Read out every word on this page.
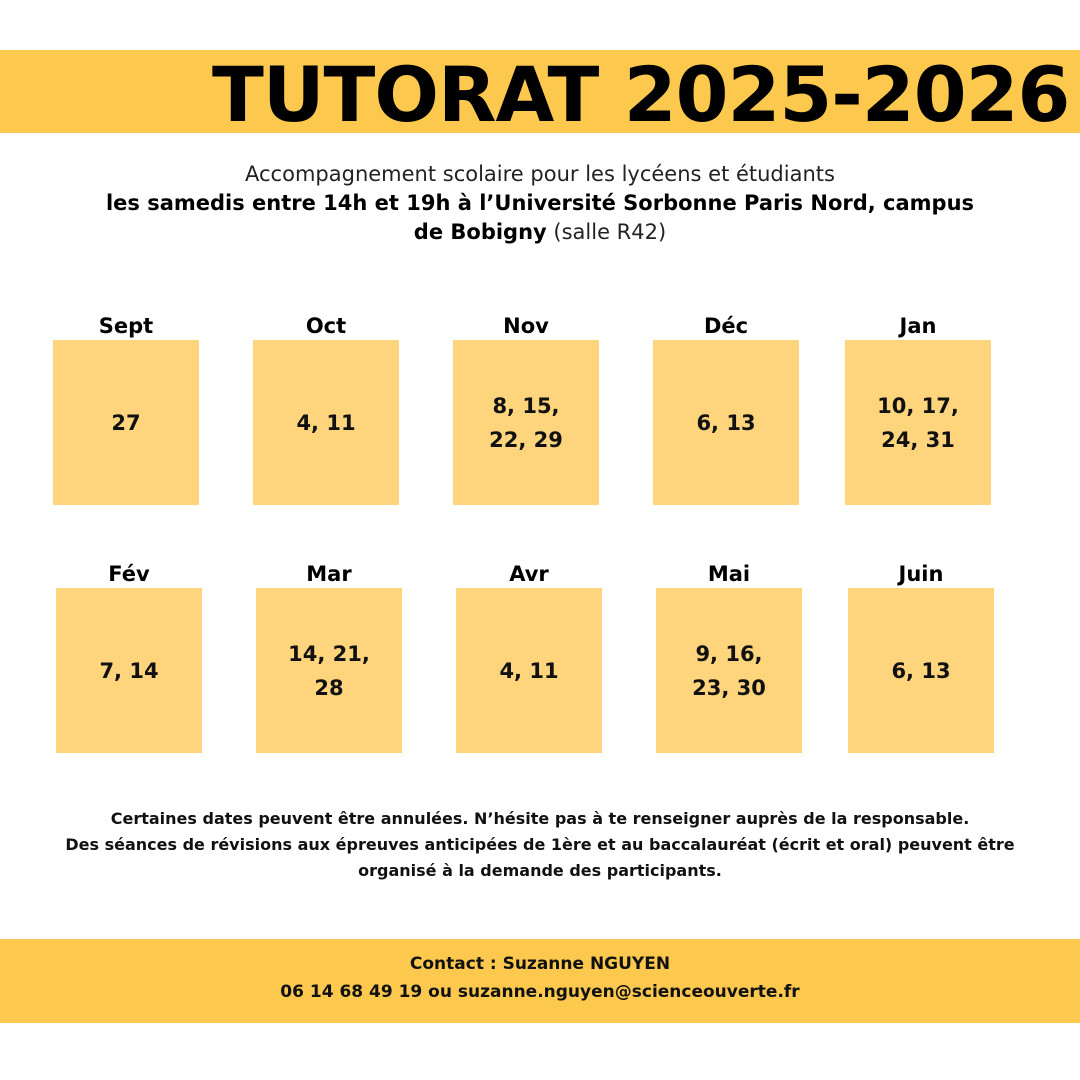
TUTORAT 2025-2026
Accompagnement scolaire pour les lycéens et étudiants
les samedis entre 14h et 19h à l’Université Sorbonne Paris Nord, campus de Bobigny (salle R42)
Sept
27
Oct
4, 11
Nov
8, 15, 22, 29
Déc
6, 13
Jan
10, 17, 24, 31
Fév
7, 14
Mar
14, 21, 28
Avr
4, 11
Mai
9, 16, 23, 30
Juin
6, 13
Certaines dates peuvent être annulées. N’hésite pas à te renseigner auprès de la responsable.
Des séances de révisions aux épreuves anticipées de 1ère et au baccalauréat (écrit et oral) peuvent être organisé à la demande des participants.
Contact : Suzanne NGUYEN
06 14 68 49 19 ou suzanne.nguyen@scienceouverte.fr
